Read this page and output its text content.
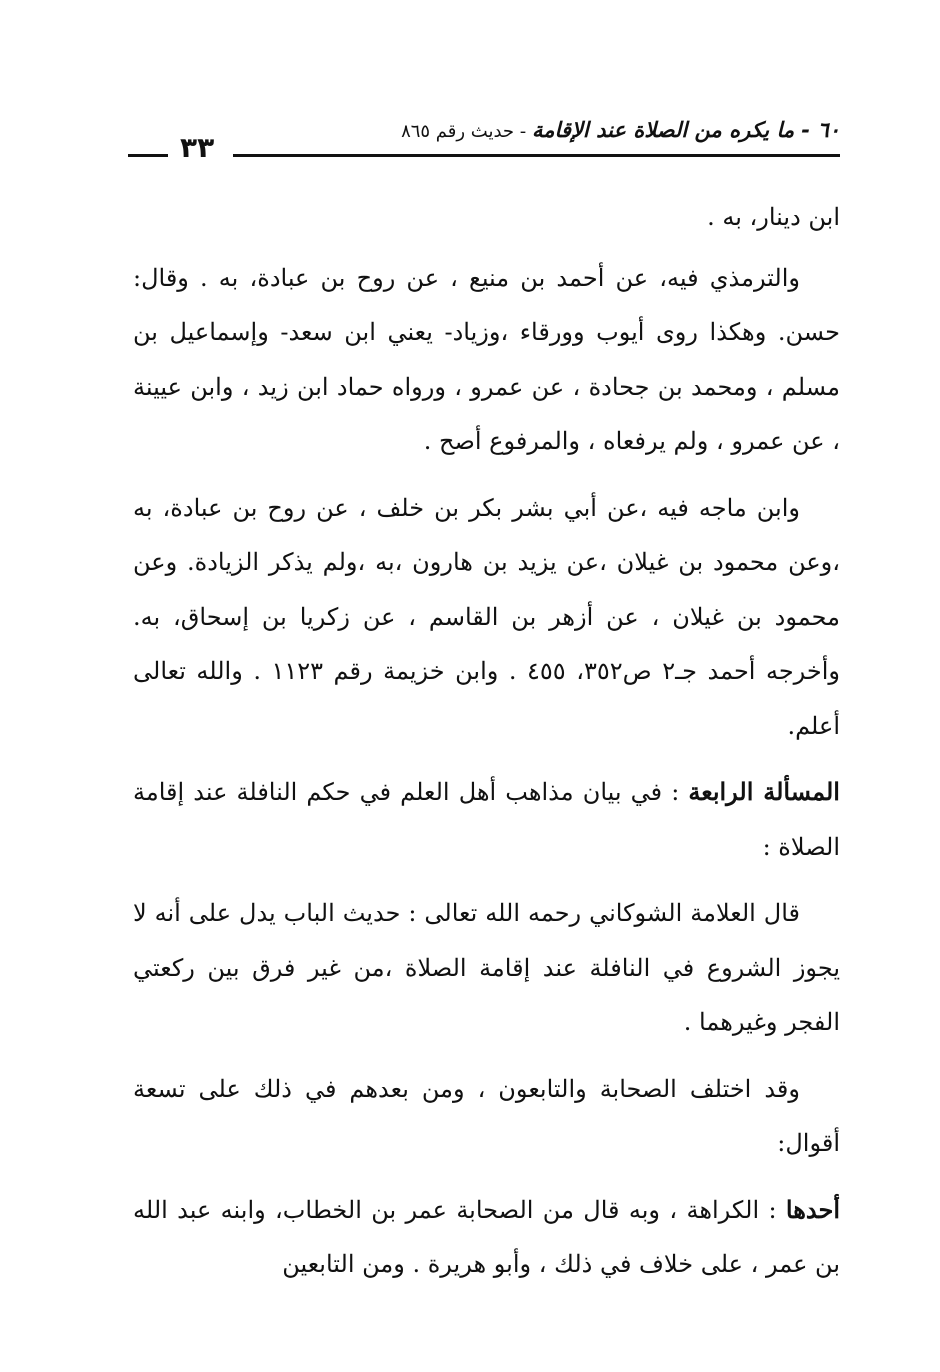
٦٠ - ما يكره من الصلاة عند الإقامة - حديث رقم ٨٦٥
٣٣

ابن دينار، به .

والترمذي فيه، عن أحمد بن منيع ، عن روح بن عبادة، به . وقال: حسن. وهكذا روى أيوب وورقاء ،وزياد- يعني ابن سعد- وإسماعيل بن مسلم ، ومحمد بن جحادة ، عن عمرو ، ورواه حماد ابن زيد ، وابن عيينة ، عن عمرو ، ولم يرفعاه ، والمرفوع أصح .

وابن ماجه فيه ،عن أبي بشر بكر بن خلف ، عن روح بن عبادة، به ،وعن محمود بن غيلان ،عن يزيد بن هارون ،به ،ولم يذكر الزيادة. وعن محمود بن غيلان ، عن أزهر بن القاسم ، عن زكريا بن إسحاق، به. وأخرجه أحمد جـ٢ ص٣٥٢، ٤٥٥ . وابن خزيمة رقم ١١٢٣ . والله تعالى أعلم.

المسألة الرابعة : في بيان مذاهب أهل العلم في حكم النافلة عند إقامة الصلاة :

قال العلامة الشوكاني رحمه الله تعالى : حديث الباب يدل على أنه لا يجوز الشروع في النافلة عند إقامة الصلاة ،من غير فرق بين ركعتي الفجر وغيرهما .

وقد اختلف الصحابة والتابعون ، ومن بعدهم في ذلك على تسعة أقوال:

أحدها : الكراهة ، وبه قال من الصحابة عمر بن الخطاب، وابنه عبد الله بن عمر ، على خلاف في ذلك ، وأبو هريرة . ومن التابعين
